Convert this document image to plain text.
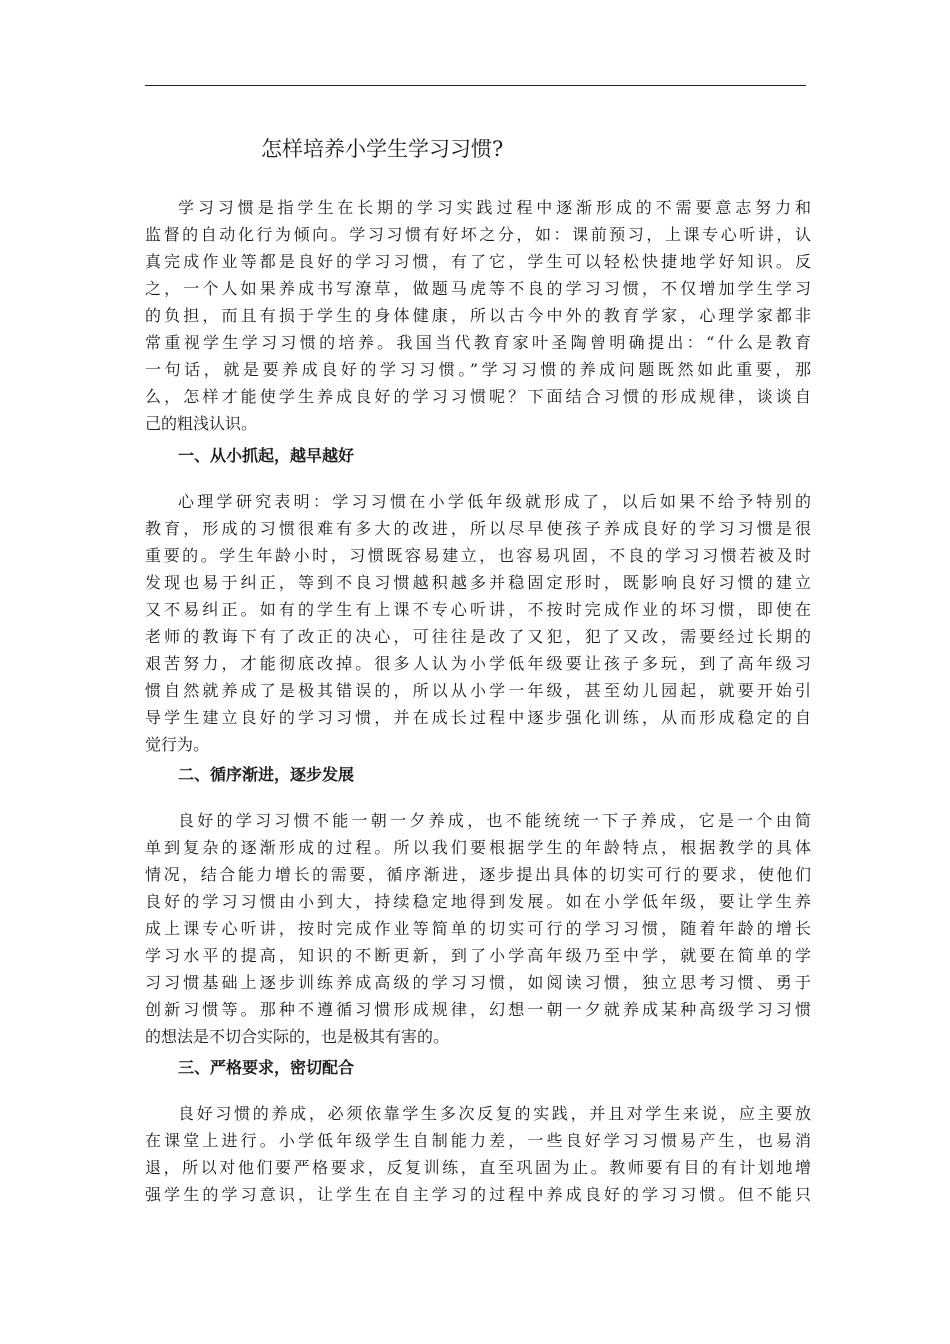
怎样培养小学生学习习惯?
学习习惯是指学生在长期的学习实践过程中逐渐形成的不需要意志努力和
监督的自动化行为倾向。学习习惯有好坏之分，如：课前预习，上课专心听讲，认
真完成作业等都是良好的学习习惯，有了它，学生可以轻松快捷地学好知识。反
之，一个人如果养成书写潦草，做题马虎等不良的学习习惯，不仅增加学生学习
的负担，而且有损于学生的身体健康，所以古今中外的教育学家，心理学家都非
常重视学生学习习惯的培养。我国当代教育家叶圣陶曾明确提出：“什么是教育
一句话，就是要养成良好的学习习惯。”学习习惯的养成问题既然如此重要，那
么，怎样才能使学生养成良好的学习习惯呢？下面结合习惯的形成规律，谈谈自
己的粗浅认识。
一、从小抓起，越早越好
心理学研究表明：学习习惯在小学低年级就形成了，以后如果不给予特别的
教育，形成的习惯很难有多大的改进，所以尽早使孩子养成良好的学习习惯是很
重要的。学生年龄小时，习惯既容易建立，也容易巩固，不良的学习习惯若被及时
发现也易于纠正，等到不良习惯越积越多并稳固定形时，既影响良好习惯的建立
又不易纠正。如有的学生有上课不专心听讲，不按时完成作业的坏习惯，即使在
老师的教诲下有了改正的决心，可往往是改了又犯，犯了又改，需要经过长期的
艰苦努力，才能彻底改掉。很多人认为小学低年级要让孩子多玩，到了高年级习
惯自然就养成了是极其错误的，所以从小学一年级，甚至幼儿园起，就要开始引
导学生建立良好的学习习惯，并在成长过程中逐步强化训练，从而形成稳定的自
觉行为。
二、循序渐进，逐步发展
良好的学习习惯不能一朝一夕养成，也不能统统一下子养成，它是一个由简
单到复杂的逐渐形成的过程。所以我们要根据学生的年龄特点，根据教学的具体
情况，结合能力增长的需要，循序渐进，逐步提出具体的切实可行的要求，使他们
良好的学习习惯由小到大，持续稳定地得到发展。如在小学低年级，要让学生养
成上课专心听讲，按时完成作业等简单的切实可行的学习习惯，随着年龄的增长
学习水平的提高，知识的不断更新，到了小学高年级乃至中学，就要在简单的学
习习惯基础上逐步训练养成高级的学习习惯，如阅读习惯，独立思考习惯、勇于
创新习惯等。那种不遵循习惯形成规律，幻想一朝一夕就养成某种高级学习习惯
的想法是不切合实际的，也是极其有害的。
三、严格要求，密切配合
良好习惯的养成，必须依靠学生多次反复的实践，并且对学生来说，应主要放
在课堂上进行。小学低年级学生自制能力差，一些良好学习习惯易产生，也易消
退，所以对他们要严格要求，反复训练，直至巩固为止。教师要有目的有计划地增
强学生的学习意识，让学生在自主学习的过程中养成良好的学习习惯。但不能只
